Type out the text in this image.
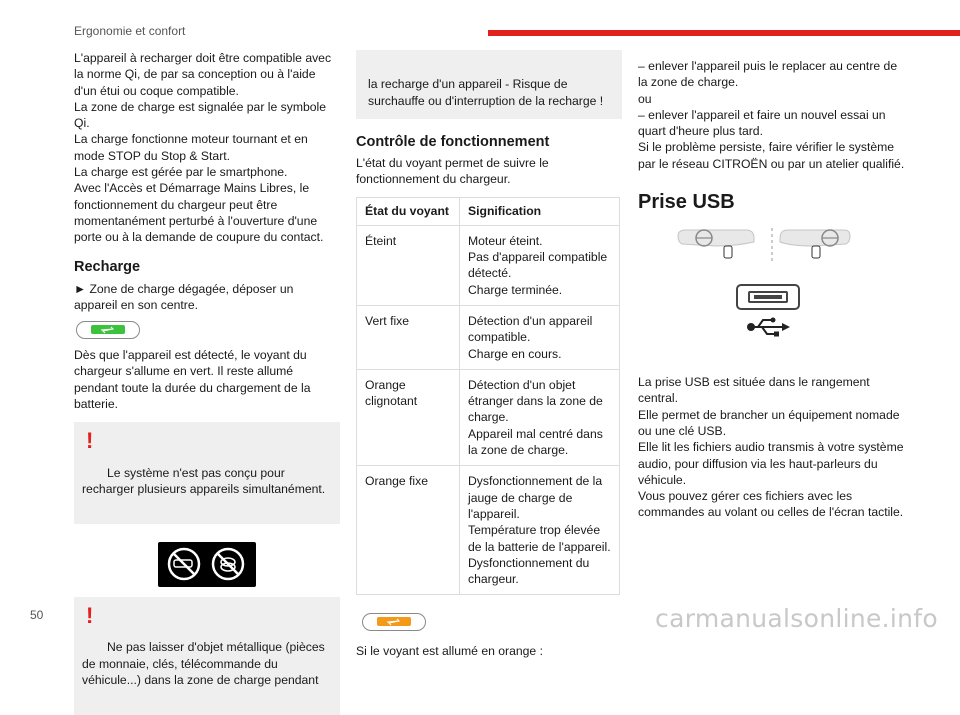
Ergonomie et confort

L'appareil à recharger doit être compatible avec la norme Qi, de par sa conception ou à l'aide d'un étui ou coque compatible.
La zone de charge est signalée par le symbole Qi.
La charge fonctionne moteur tournant et en mode STOP du Stop & Start.
La charge est gérée par le smartphone.
Avec l'Accès et Démarrage Mains Libres, le fonctionnement du chargeur peut être momentanément perturbé à l'ouverture d'une porte ou à la demande de coupure du contact.

Recharge

► Zone de charge dégagée, déposer un appareil en son centre.

Dès que l'appareil est détecté, le voyant du chargeur s'allume en vert. Il reste allumé pendant toute la durée du chargement de la batterie.

!

Le système n'est pas conçu pour recharger plusieurs appareils simultanément.

!

Ne pas laisser d'objet métallique (pièces de monnaie, clés, télécommande du véhicule...) dans la zone de charge pendant

la recharge d'un appareil - Risque de surchauffe ou d'interruption de la recharge !

Contrôle de fonctionnement

L'état du voyant permet de suivre le fonctionnement du chargeur.

État du voyant	Signification
Éteint	Moteur éteint.
Pas d'appareil compatible détecté.
Charge terminée.
Vert fixe	Détection d'un appareil compatible.
Charge en cours.
Orange
clignotant	Détection d'un objet étranger dans la zone de charge.
Appareil mal centré dans la zone de charge.
Orange fixe	Dysfonctionnement de la jauge de charge de l'appareil.
Température trop élevée de la batterie de l'appareil.
Dysfonctionnement du chargeur.

Si le voyant est allumé en orange :

– enlever l'appareil puis le replacer au centre de la zone de charge.
ou
– enlever l'appareil et faire un nouvel essai un quart d'heure plus tard.
Si le problème persiste, faire vérifier le système par le réseau CITROËN ou par un atelier qualifié.

Prise USB

La prise USB est située dans le rangement central.
Elle permet de brancher un équipement nomade ou une clé USB.
Elle lit les fichiers audio transmis à votre système audio, pour diffusion via les haut-parleurs du véhicule.
Vous pouvez gérer ces fichiers avec les commandes au volant ou celles de l'écran tactile.

50	carmanualsonline.info
